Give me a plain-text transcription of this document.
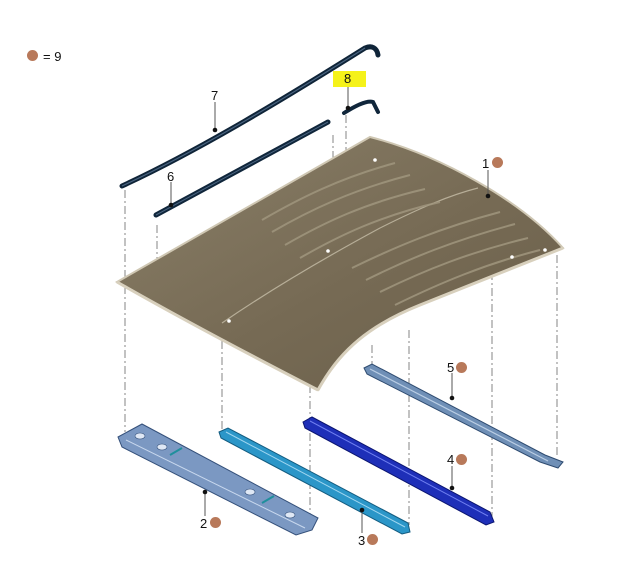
= 9
7
6
8
1
5
4
3
2
